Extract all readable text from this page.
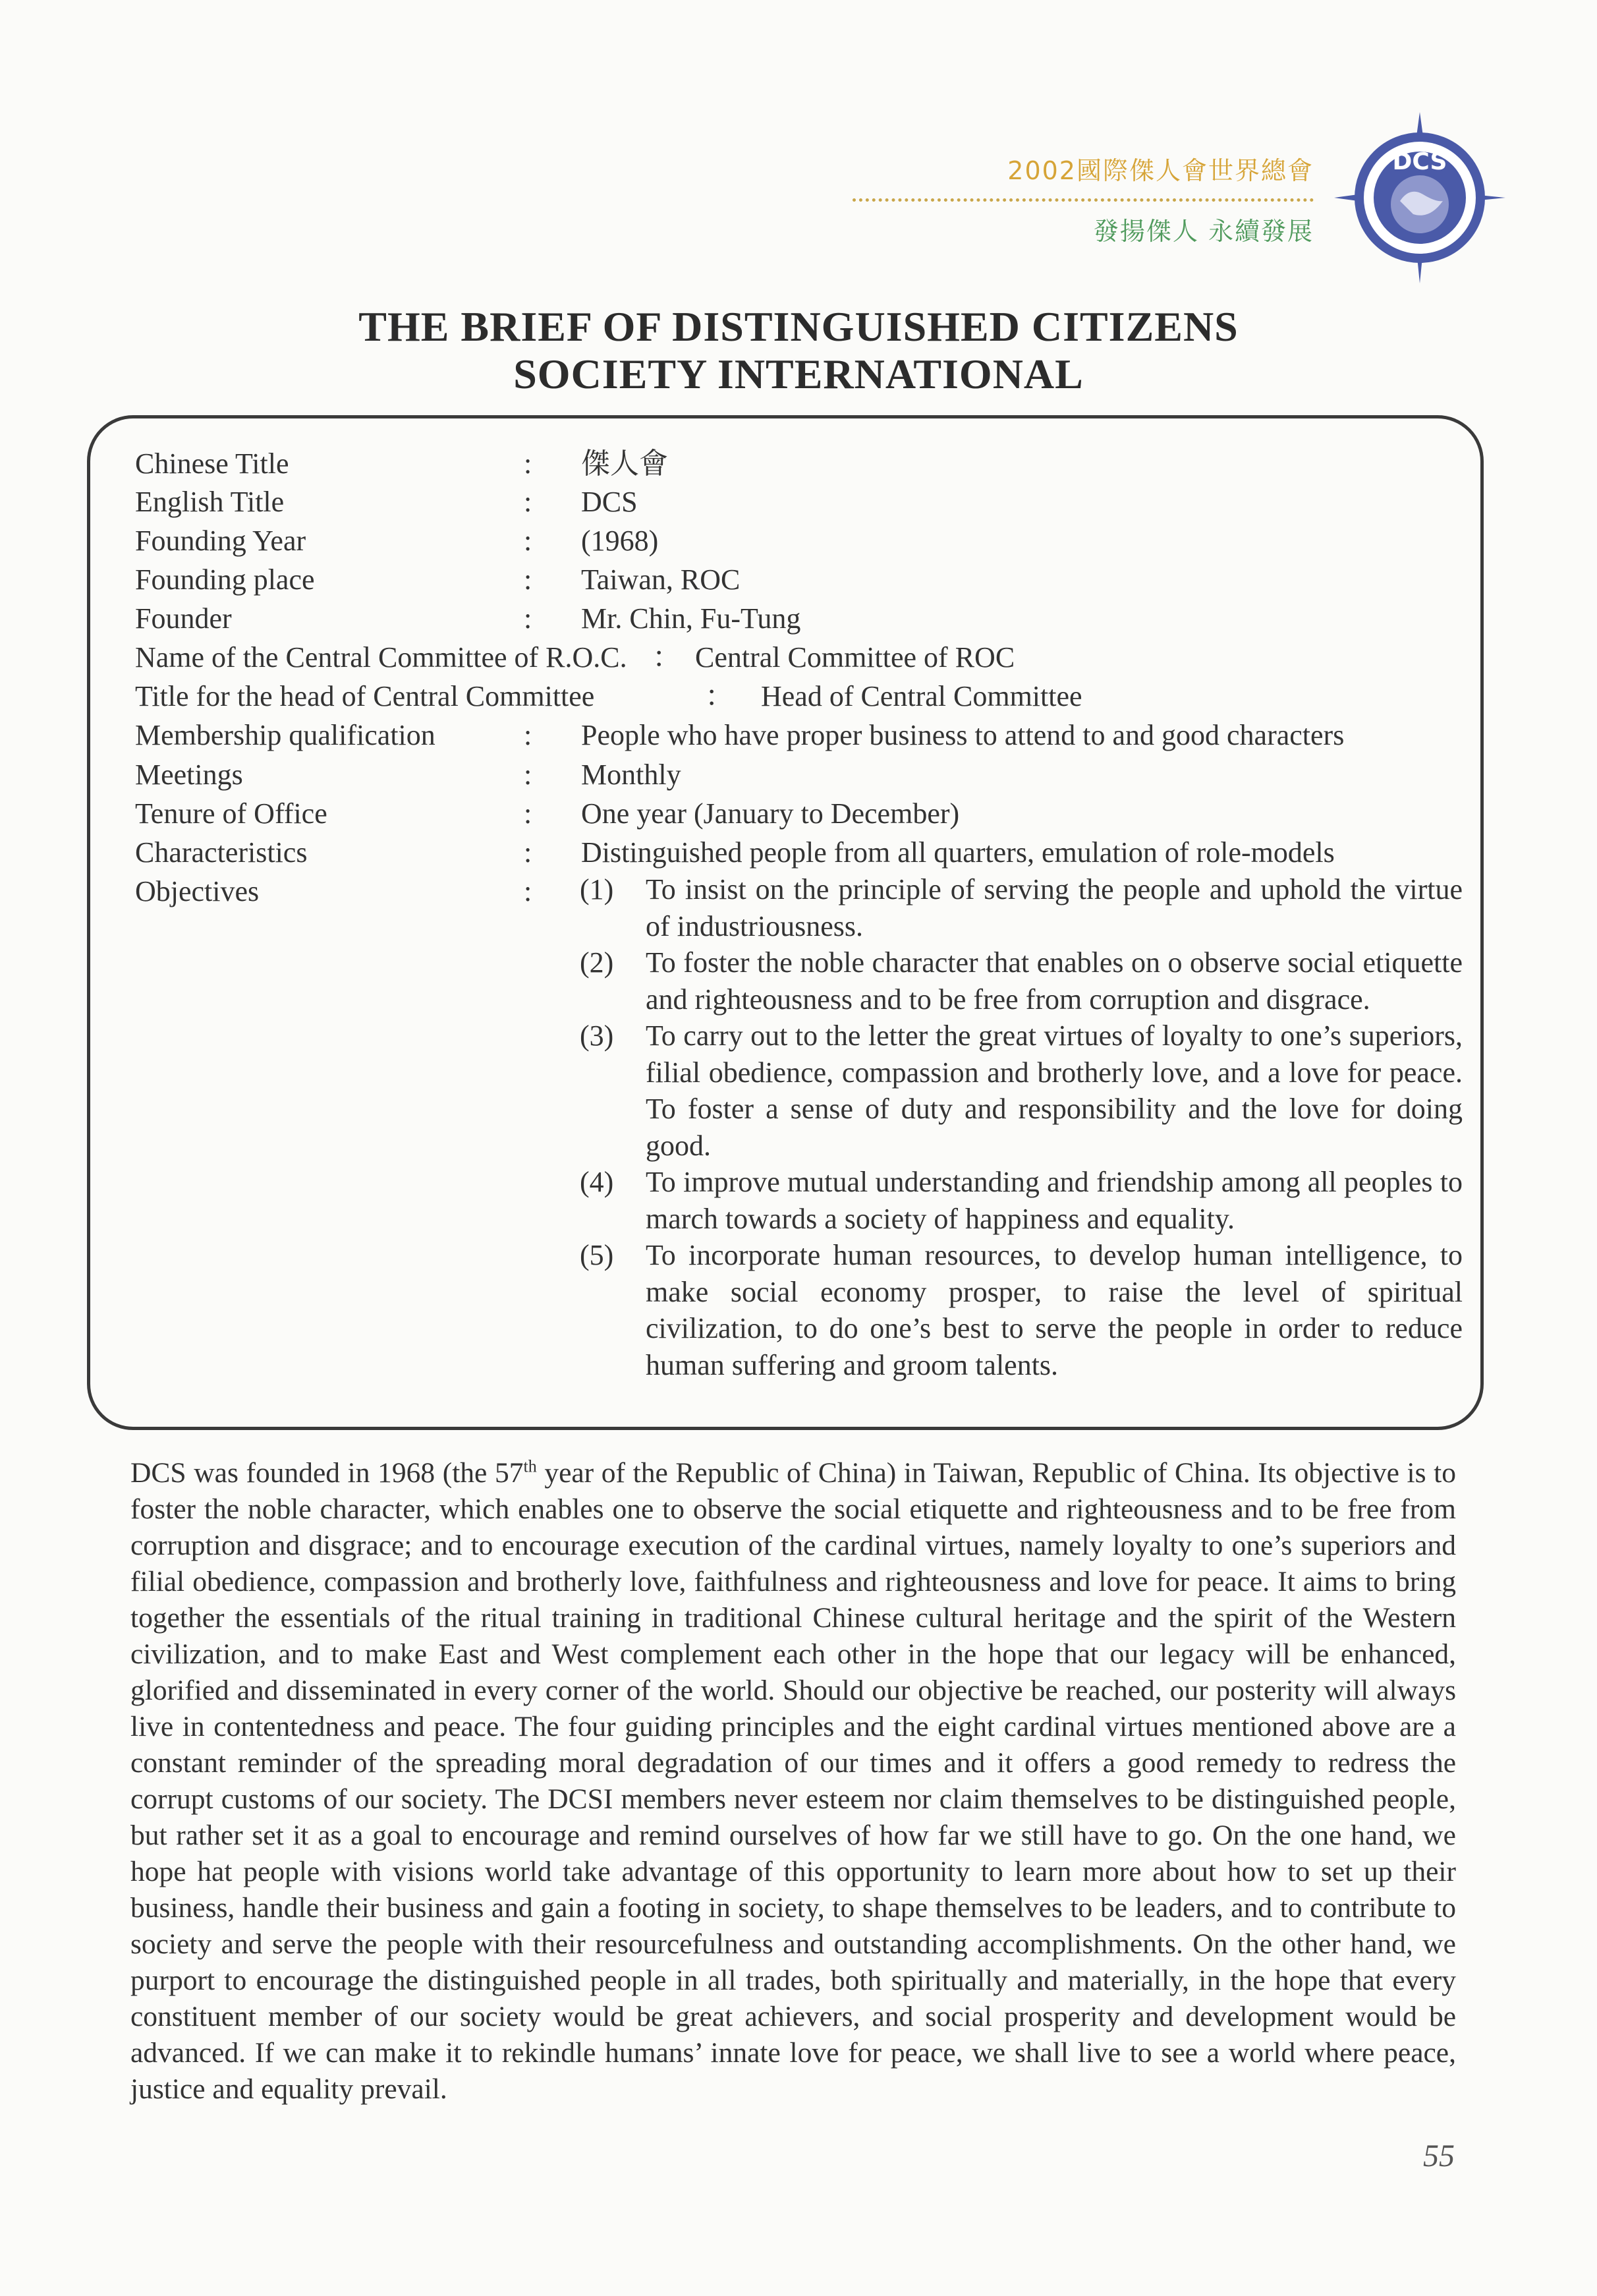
2002國際傑人會世界總會
發揚傑人 永續發展
DCS
THE BRIEF OF DISTINGUISHED CITIZENS
SOCIETY INTERNATIONAL
Chinese Title	: 傑人會
English Title	: DCS
Founding Year	: (1968)
Founding place	: Taiwan, ROC
Founder	: Mr. Chin, Fu-Tung
Name of the Central Committee of R.O.C. ： Central Committee of ROC
Title for the head of Central Committee	： Head of Central Committee
Membership qualification	: People who have proper business to attend to and good characters
Meetings	: Monthly
Tenure of Office	: One year (January to December)
Characteristics	: Distinguished people from all quarters, emulation of role-models
Objectives	: (1)	To insist on the principle of serving the people and uphold the virtue of industriousness.
(2)	To foster the noble character that enables on o observe social etiquette and righteousness and to be free from corruption and disgrace.
(3)	To carry out to the letter the great virtues of loyalty to one’s superiors, filial obedience, compassion and brotherly love, and a love for peace. To foster a sense of duty and responsibility and the love for doing good.
(4)	To improve mutual understanding and friendship among all peoples to march towards a society of happiness and equality.
(5)	To incorporate human resources, to develop human intelligence, to make social economy prosper, to raise the level of spiritual civilization, to do one’s best to serve the people in order to reduce human suffering and groom talents.
DCS was founded in 1968 (the 57th year of the Republic of China) in Taiwan, Republic of China. Its objective is to foster the noble character, which enables one to observe the social etiquette and righteousness and to be free from corruption and disgrace; and to encourage execution of the cardinal virtues, namely loyalty to one’s superiors and filial obedience, compassion and brotherly love, faithfulness and righteousness and love for peace. It aims to bring together the essentials of the ritual training in traditional Chinese cultural heritage and the spirit of the Western civilization, and to make East and West complement each other in the hope that our legacy will be enhanced, glorified and disseminated in every corner of the world. Should our objective be reached, our posterity will always live in contentedness and peace. The four guiding principles and the eight cardinal virtues mentioned above are a constant reminder of the spreading moral degradation of our times and it offers a good remedy to redress the corrupt customs of our society. The DCSI members never esteem nor claim themselves to be distinguished people, but rather set it as a goal to encourage and remind ourselves of how far we still have to go. On the one hand, we hope hat people with visions world take advantage of this opportunity to learn more about how to set up their business, handle their business and gain a footing in society, to shape themselves to be leaders, and to contribute to society and serve the people with their resourcefulness and outstanding accomplishments. On the other hand, we purport to encourage the distinguished people in all trades, both spiritually and materially, in the hope that every constituent member of our society would be great achievers, and social prosperity and development would be advanced. If we can make it to rekindle humans’ innate love for peace, we shall live to see a world where peace, justice and equality prevail.
55
